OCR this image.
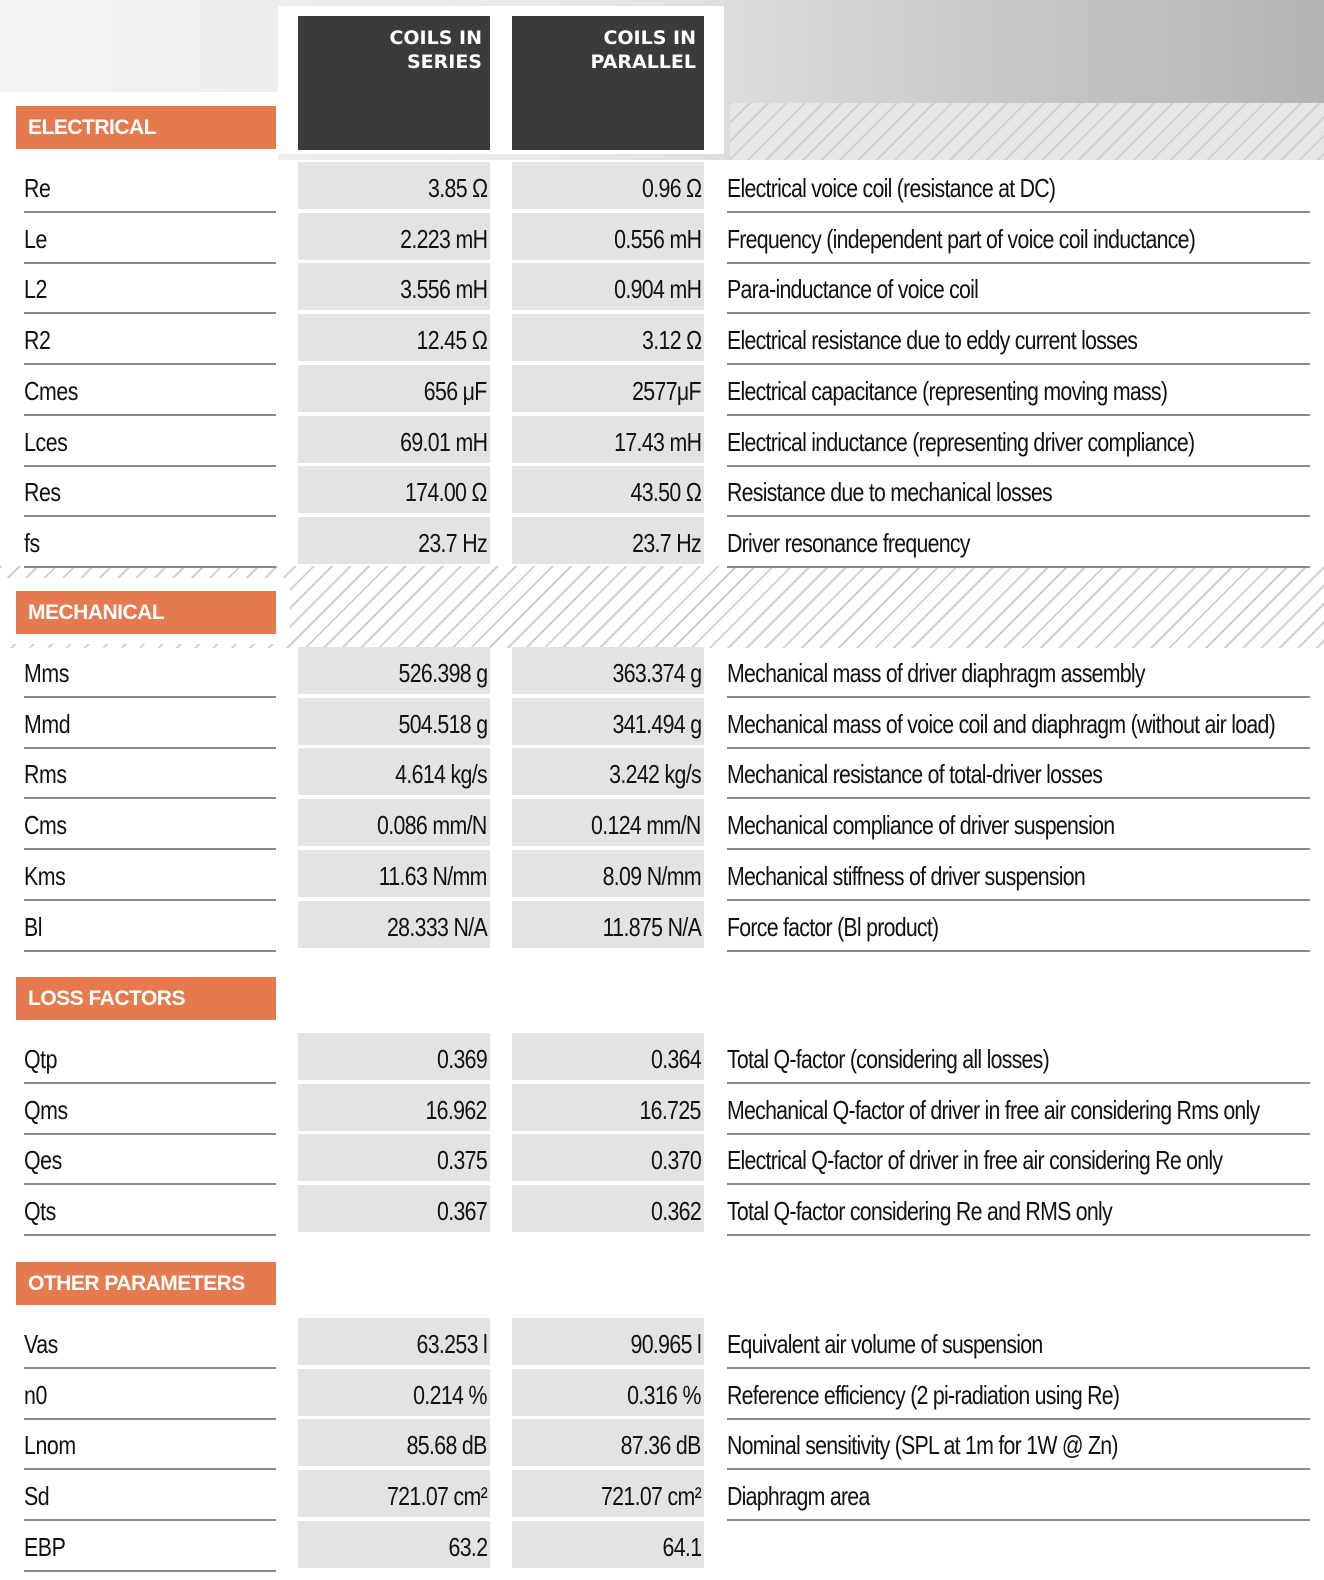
COILS IN
SERIES
COILS IN
PARALLEL
ELECTRICAL PARAMETERS
Re	3.85 Ω	0.96 Ω Electrical voice coil (resistance at DC)
Le	2.223 mH	0.556 mH Frequency (independent part of voice coil inductance)
L2	3.556 mH	0.904 mH Para-inductance of voice coil
R2	12.45 Ω	3.12 Ω Electrical resistance due to eddy current losses
Cmes	656 μF	2577μF Electrical capacitance (representing moving mass)
Lces	69.01 mH	17.43 mH Electrical inductance (representing driver compliance)
Res	174.00 Ω	43.50 Ω Resistance due to mechanical losses
fs	23.7 Hz	23.7 Hz Driver resonance frequency
MECHANICAL PARAMETERS
Mms	526.398 g	363.374 g Mechanical mass of driver diaphragm assembly
Mmd	504.518 g	341.494 g Mechanical mass of voice coil and diaphragm (without air load)
Rms	4.614 kg/s	3.242 kg/s Mechanical resistance of total-driver losses
Cms	0.086 mm/N	0.124 mm/N Mechanical compliance of driver suspension
Kms	11.63 N/mm	8.09 N/mm Mechanical stiffness of driver suspension
Bl	28.333 N/A	11.875 N/A Force factor (Bl product)
LOSS FACTORS
Qtp	0.369	0.364 Total Q-factor (considering all losses)
Qms	16.962	16.725 Mechanical Q-factor of driver in free air considering Rms only
Qes	0.375	0.370 Electrical Q-factor of driver in free air considering Re only
Qts	0.367	0.362 Total Q-factor considering Re and RMS only
OTHER PARAMETERS
Vas	63.253 l	90.965 l Equivalent air volume of suspension
n0	0.214 %	0.316 % Reference efficiency (2 pi-radiation using Re)
Lnom	85.68 dB	87.36 dB Nominal sensitivity (SPL at 1m for 1W @ Zn)
Sd	721.07 cm²	721.07 cm² Diaphragm area
EBP	63.2	64.1
